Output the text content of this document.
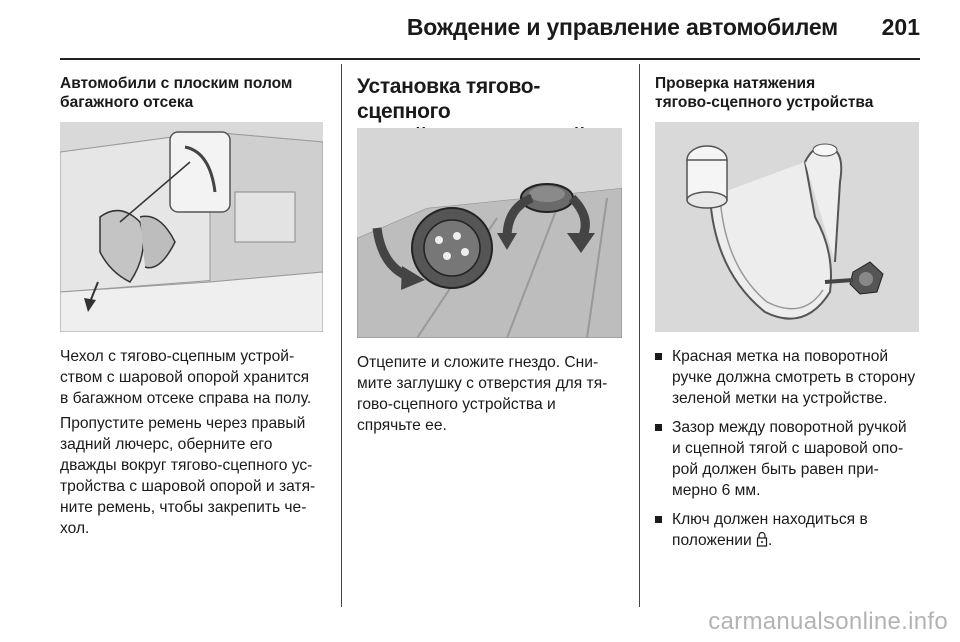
Вождение и управление автомобилем 201

Автомобили с плоским полом
багажного отсека

Чехол с тягово-сцепным устрой-
ством с шаровой опорой хранится
в багажном отсеке справа на полу.

Пропустите ремень через правый
задний лючерс, оберните его
дважды вокруг тягово-сцепного ус-
тройства с шаровой опорой и затя-
ните ремень, чтобы закрепить че-
хол.

Установка тягово-сцепного

Отцепите и сложите гнездо. Сни-
мите заглушку с отверстия для тя-
гово-сцепного устройства и
спрячьте ее.

Проверка натяжения
тягово-сцепного устройства

Красная метка на поворотной
ручке должна смотреть в сторону
зеленой метки на устройстве.
Зазор между поворотной ручкой
и сцепной тягой с шаровой опо-
рой должен быть равен при-
мерно 6 мм.
Ключ должен находиться в
положении .
carmanualsonline.info
